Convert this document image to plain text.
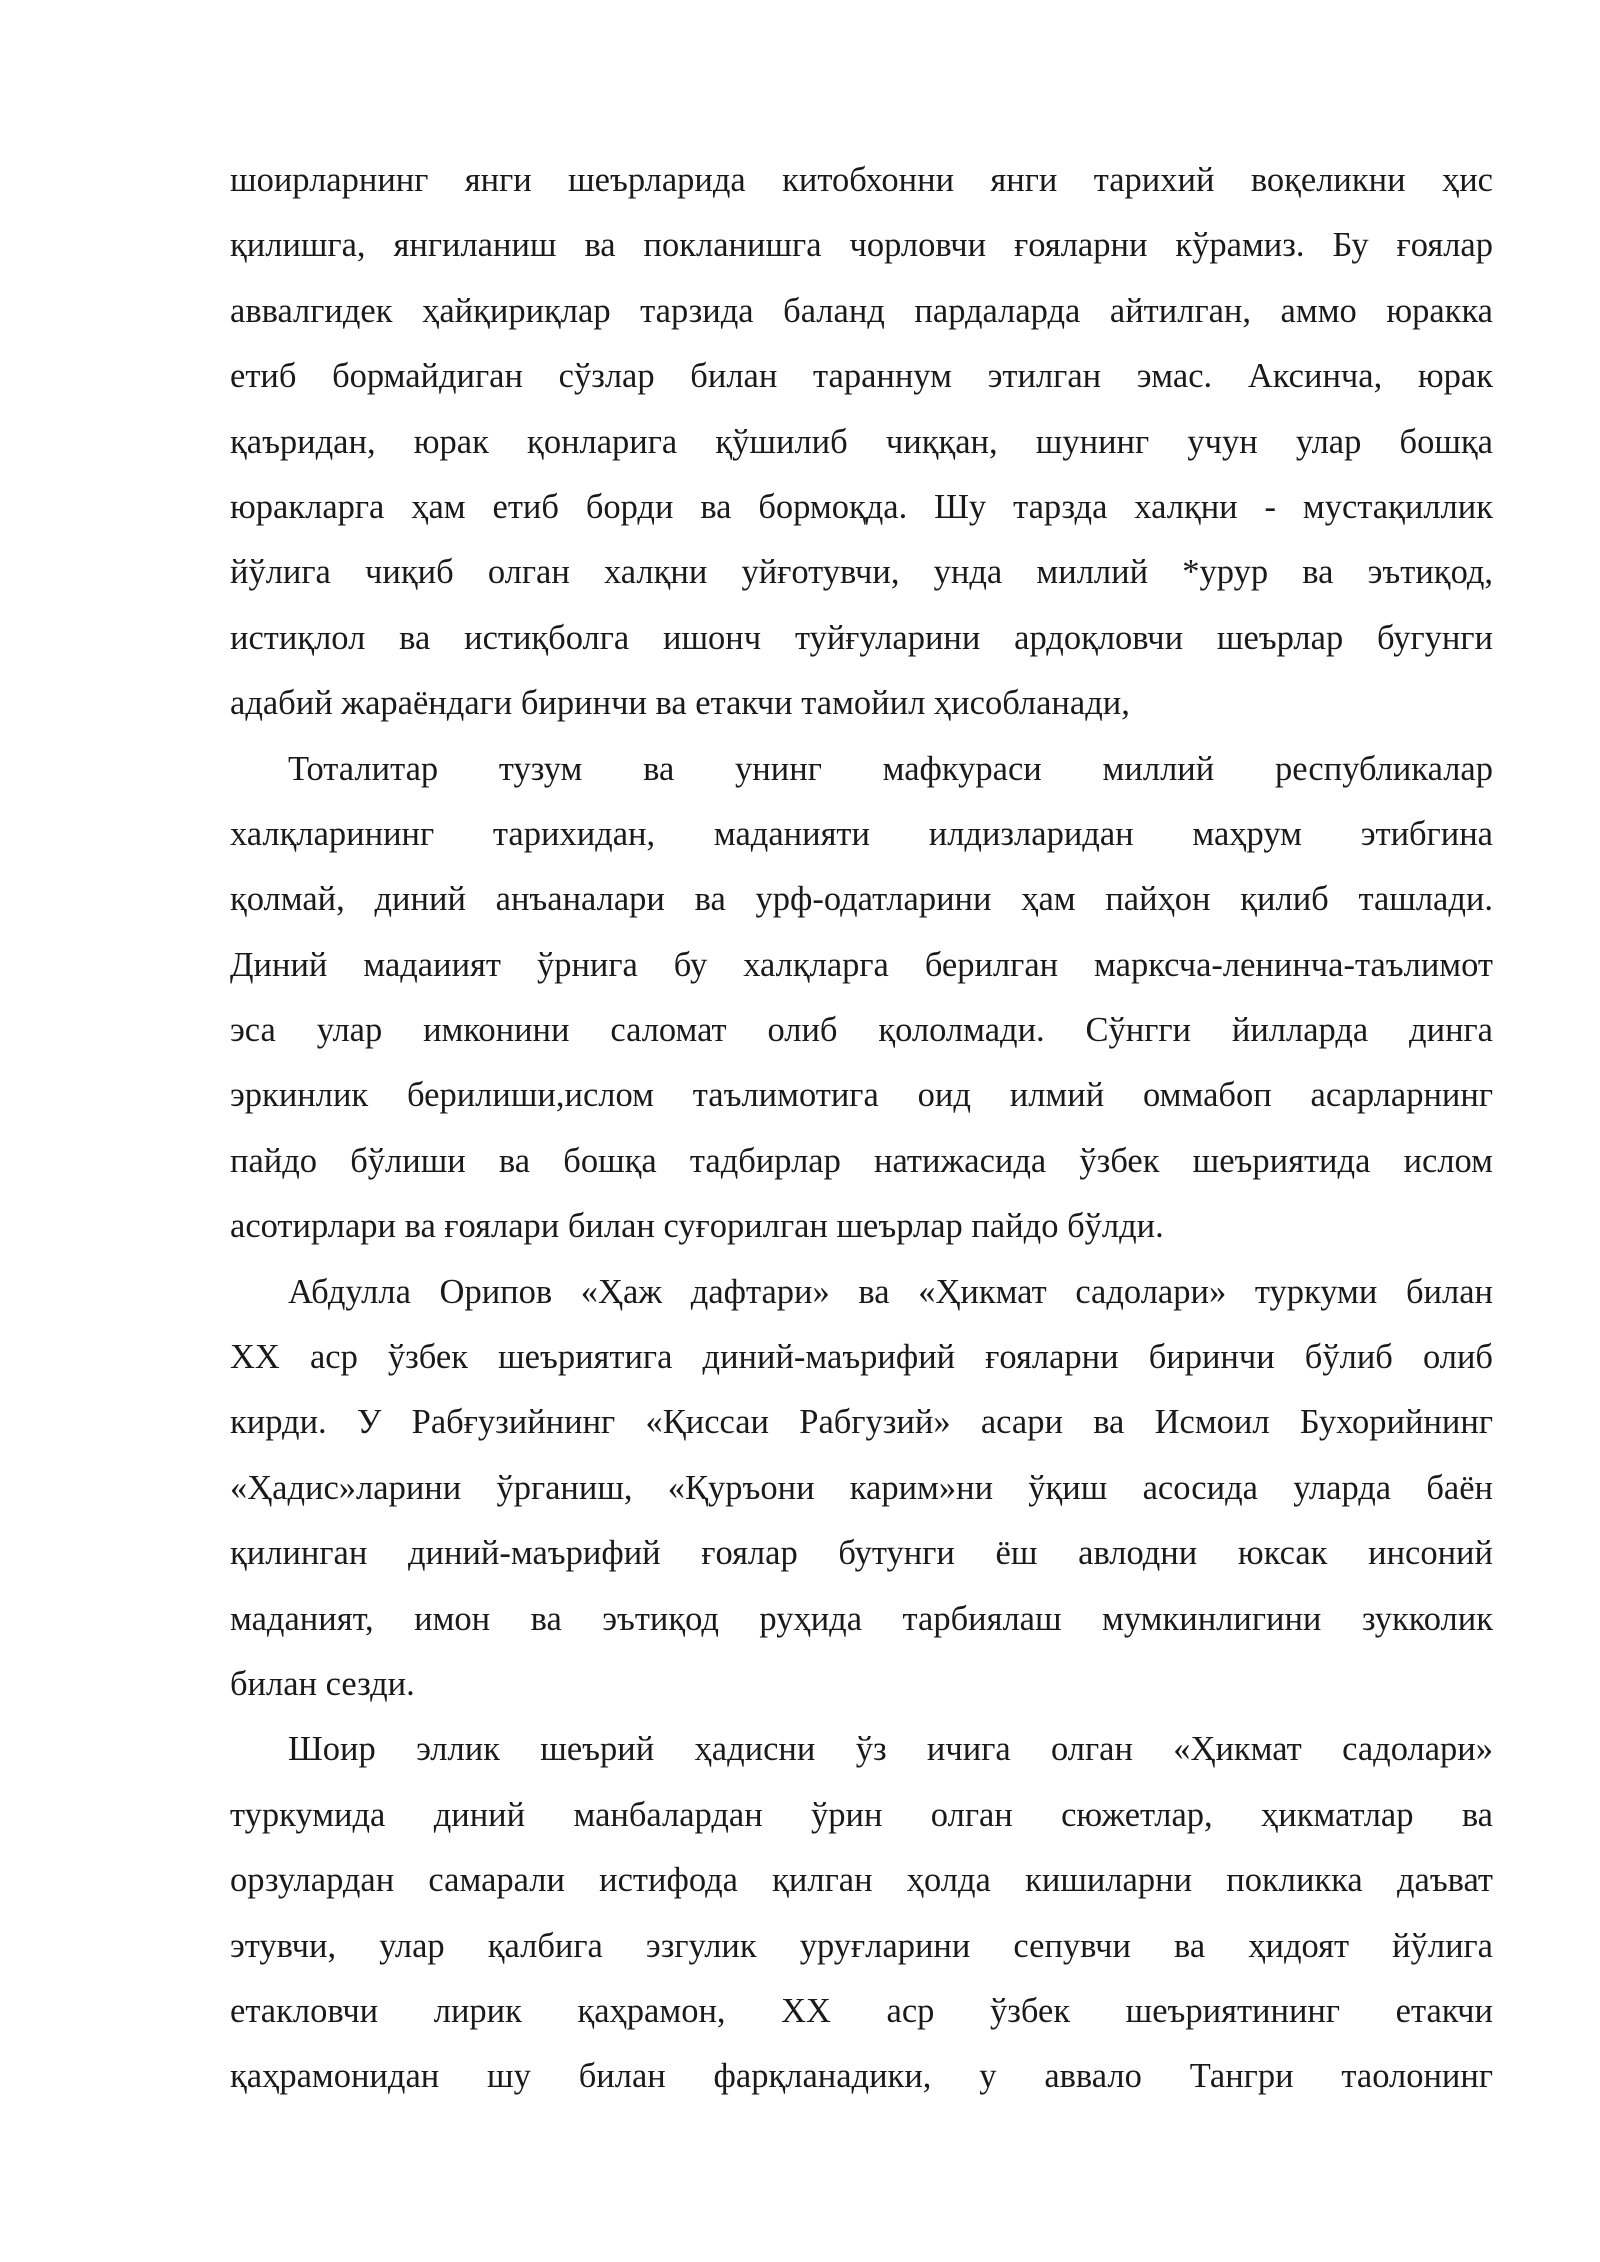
шоирларнинг янги шеърларида китобхонни янги тарихий воқеликни ҳис
қилишга, янгиланиш ва покланишга чорловчи ғояларни кўрамиз. Бу ғоялар
аввалгидек ҳайқириқлар тарзида баланд пардаларда айтилган, аммо юракка
етиб бормайдиган сўзлар билан тараннум этилган эмас. Аксинча, юрак
қаъридан, юрак қонларига қўшилиб чиққан, шунинг учун улар бошқа
юракларга ҳам етиб борди ва бормоқда. Шу тарзда халқни - мустақиллик
йўлига чиқиб олган халқни уйғотувчи, унда миллий *урур ва эътиқод,
истиқлол ва истиқболга ишонч туйғуларини ардоқловчи шеърлар бугунги
адабий жараёндаги биринчи ва етакчи тамойил ҳисобланади,
Тоталитар тузум ва унинг мафкураси миллий республикалар
халқларининг тарихидан, маданияти илдизларидан маҳрум этибгина
қолмай, диний анъаналари ва урф-одатларини ҳам пайҳон қилиб ташлади.
Диний мадаиият ўрнига бу халқларга берилган марксча-ленинча-таълимот
эса улар имконини саломат олиб қололмади. Сўнгги йилларда динга
эркинлик берилиши,ислом таълимотига оид илмий оммабоп асарларнинг
пайдо бўлиши ва бошқа тадбирлар натижасида ўзбек шеъриятида ислом
асотирлари ва ғоялари билан суғорилган шеърлар пайдо бўлди.
Абдулла Орипов «Ҳаж дафтари» ва «Ҳикмат садолари» туркуми билан
XX аср ўзбек шеъриятига диний-маърифий ғояларни биринчи бўлиб олиб
кирди. У Рабғузийнинг «Қиссаи Рабгузий» асари ва Исмоил Бухорийнинг
«Ҳадис»ларини ўрганиш, «Қуръони карим»ни ўқиш асосида уларда баён
қилинган диний-маърифий ғоялар бутунги ёш авлодни юксак инсоний
маданият, имон ва эътиқод руҳида тарбиялаш мумкинлигини зукколик
билан сезди.
Шоир эллик шеърий ҳадисни ўз ичига олган «Ҳикмат садолари»
туркумида диний манбалардан ўрин олган сюжетлар, ҳикматлар ва
орзулардан самарали истифода қилган ҳолда кишиларни покликка даъват
этувчи, улар қалбига эзгулик уруғларини сепувчи ва ҳидоят йўлига
етакловчи лирик қаҳрамон, XX аср ўзбек шеъриятининг етакчи
қаҳрамонидан шу билан фарқланадики, у аввало Тангри таолонинг
